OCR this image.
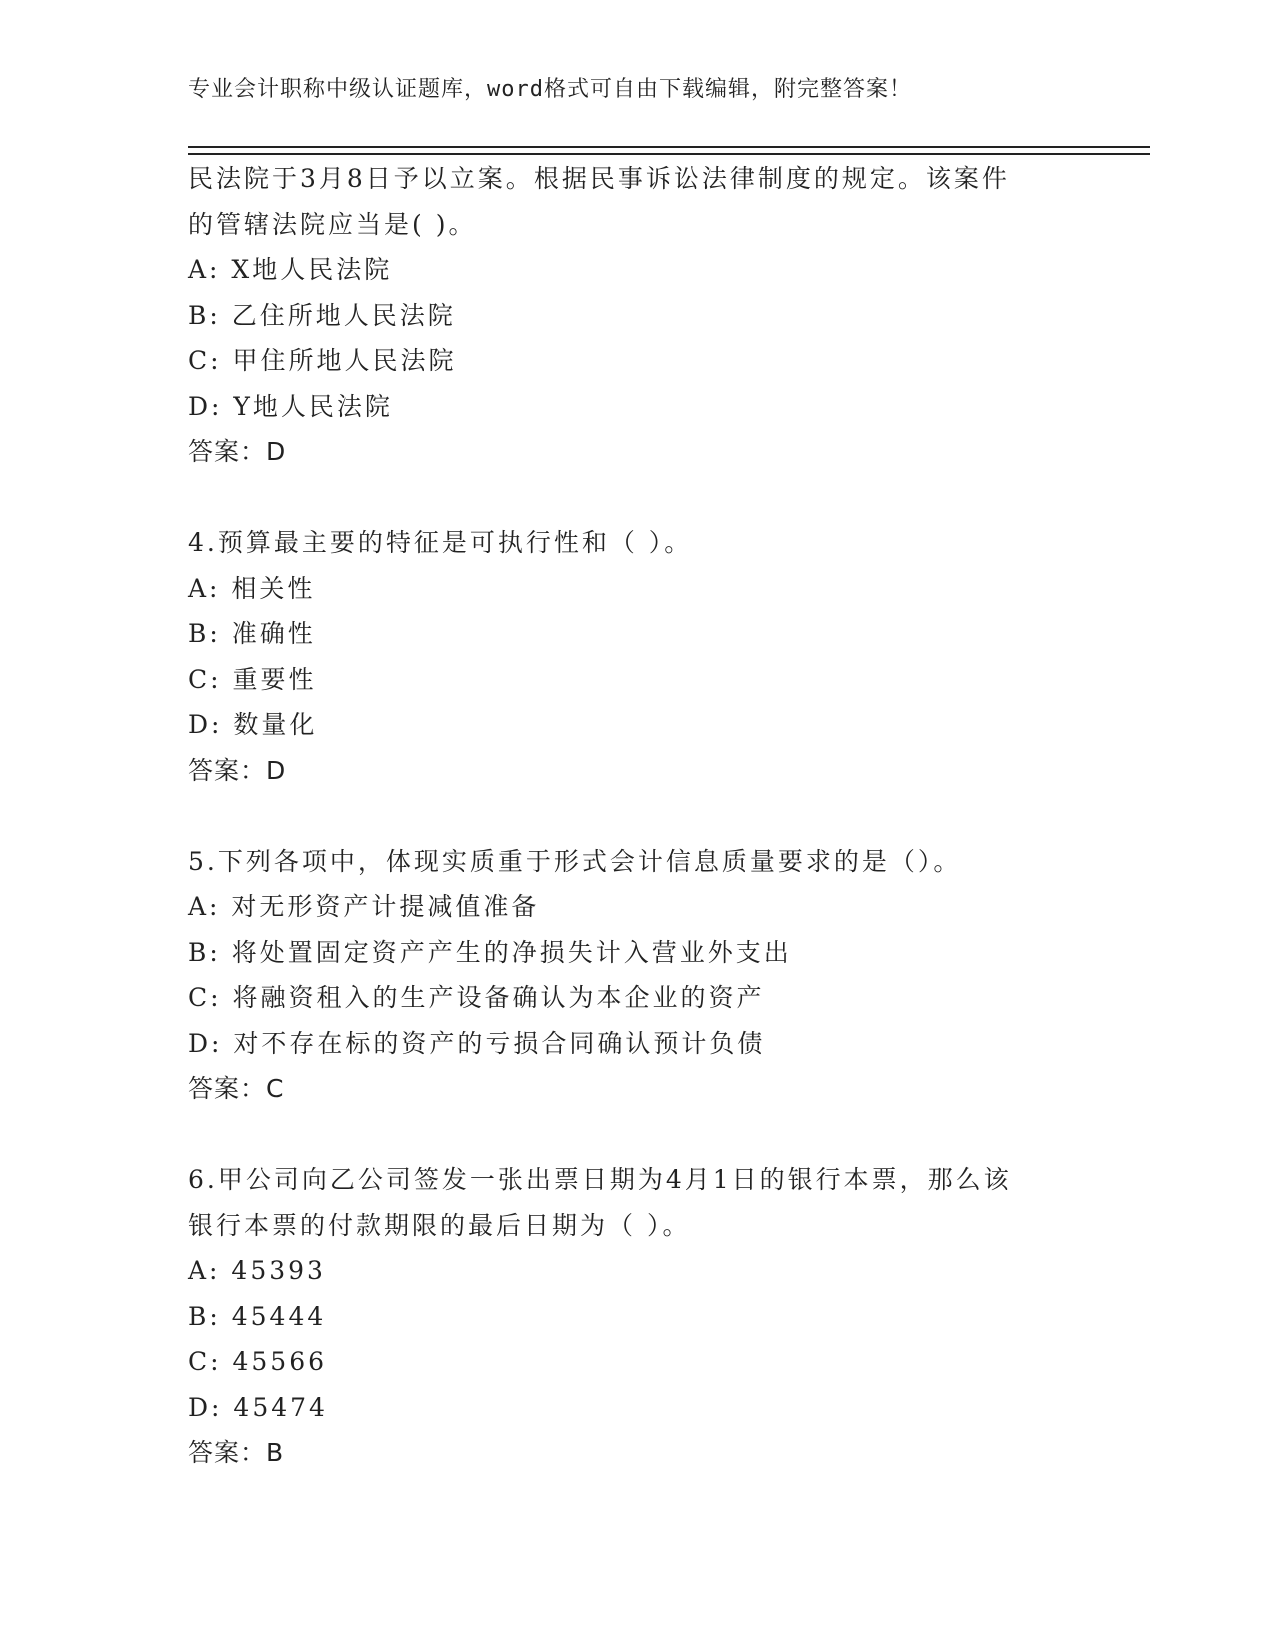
专业会计职称中级认证题库，word格式可自由下载编辑，附完整答案！

民法院于3月8日予以立案。根据民事诉讼法律制度的规定。该案件

的管辖法院应当是( )。

A: X地人民法院

B: 乙住所地人民法院

C: 甲住所地人民法院

D: Y地人民法院

答案：D

4.预算最主要的特征是可执行性和（ ）。

A: 相关性

B: 准确性

C: 重要性

D: 数量化

答案：D

5.下列各项中，体现实质重于形式会计信息质量要求的是（）。

A: 对无形资产计提减值准备

B: 将处置固定资产产生的净损失计入营业外支出

C: 将融资租入的生产设备确认为本企业的资产

D: 对不存在标的资产的亏损合同确认预计负债

答案：C

6.甲公司向乙公司签发一张出票日期为4月1日的银行本票，那么该

银行本票的付款期限的最后日期为（ ）。

A: 45393

B: 45444

C: 45566

D: 45474

答案：B
